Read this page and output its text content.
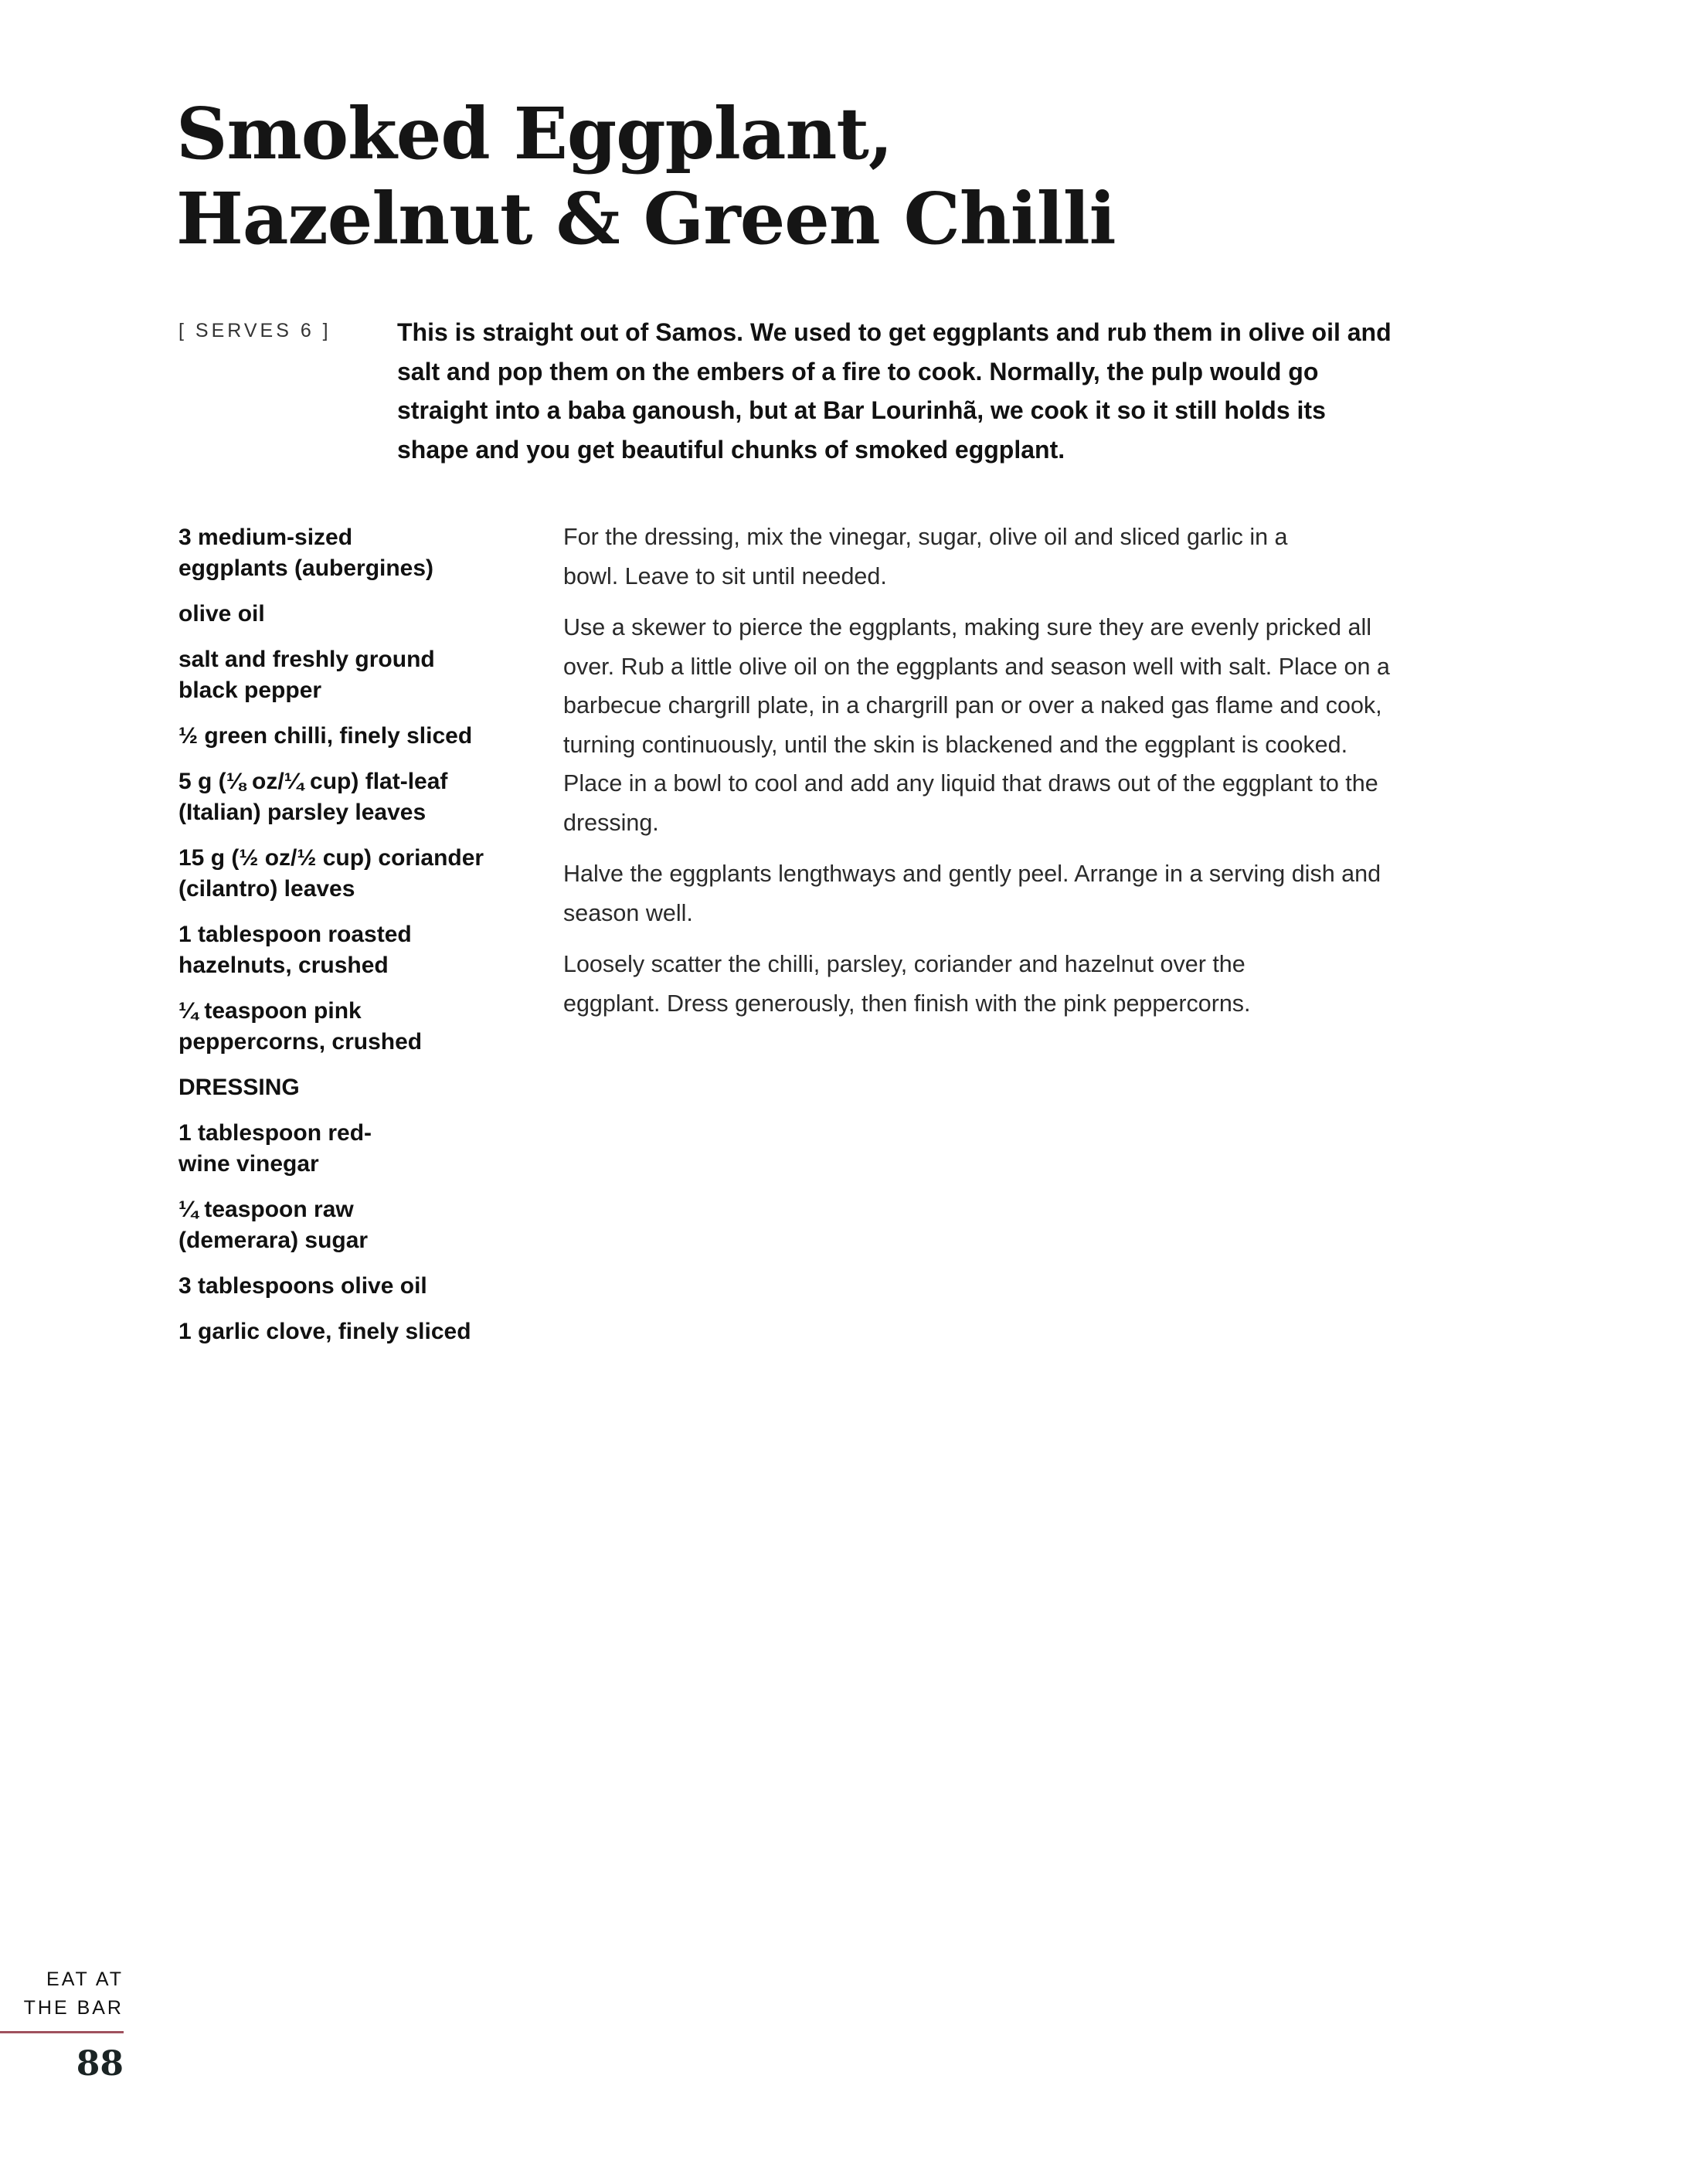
Smoked Eggplant,
Hazelnut & Green Chilli
[ SERVES 6 ]	This is straight out of Samos. We used to get eggplants and rub them in olive oil and salt and pop them on the embers of a fire to cook. Normally, the pulp would go straight into a baba ganoush, but at Bar Lourinhã, we cook it so it still holds its shape and you get beautiful chunks of smoked eggplant.

3 medium-sized eggplants (aubergines)

olive oil

salt and freshly ground black pepper

½ green chilli, finely sliced

5 g (⅛ oz/¼ cup) flat-leaf (Italian) parsley leaves

15 g (½ oz/½ cup) coriander (cilantro) leaves

1 tablespoon roasted hazelnuts, crushed

¼ teaspoon pink peppercorns, crushed

DRESSING

1 tablespoon red-wine vinegar

¼ teaspoon raw (demerara) sugar

3 tablespoons olive oil

1 garlic clove, finely sliced

For the dressing, mix the vinegar, sugar, olive oil and sliced garlic in a bowl. Leave to sit until needed.

Use a skewer to pierce the eggplants, making sure they are evenly pricked all over. Rub a little olive oil on the eggplants and season well with salt. Place on a barbecue chargrill plate, in a chargrill pan or over a naked gas flame and cook, turning continuously, until the skin is blackened and the eggplant is cooked. Place in a bowl to cool and add any liquid that draws out of the eggplant to the dressing.

Halve the eggplants lengthways and gently peel. Arrange in a serving dish and season well.

Loosely scatter the chilli, parsley, coriander and hazelnut over the eggplant. Dress generously, then finish with the pink peppercorns.

EAT AT
THE BAR
88
